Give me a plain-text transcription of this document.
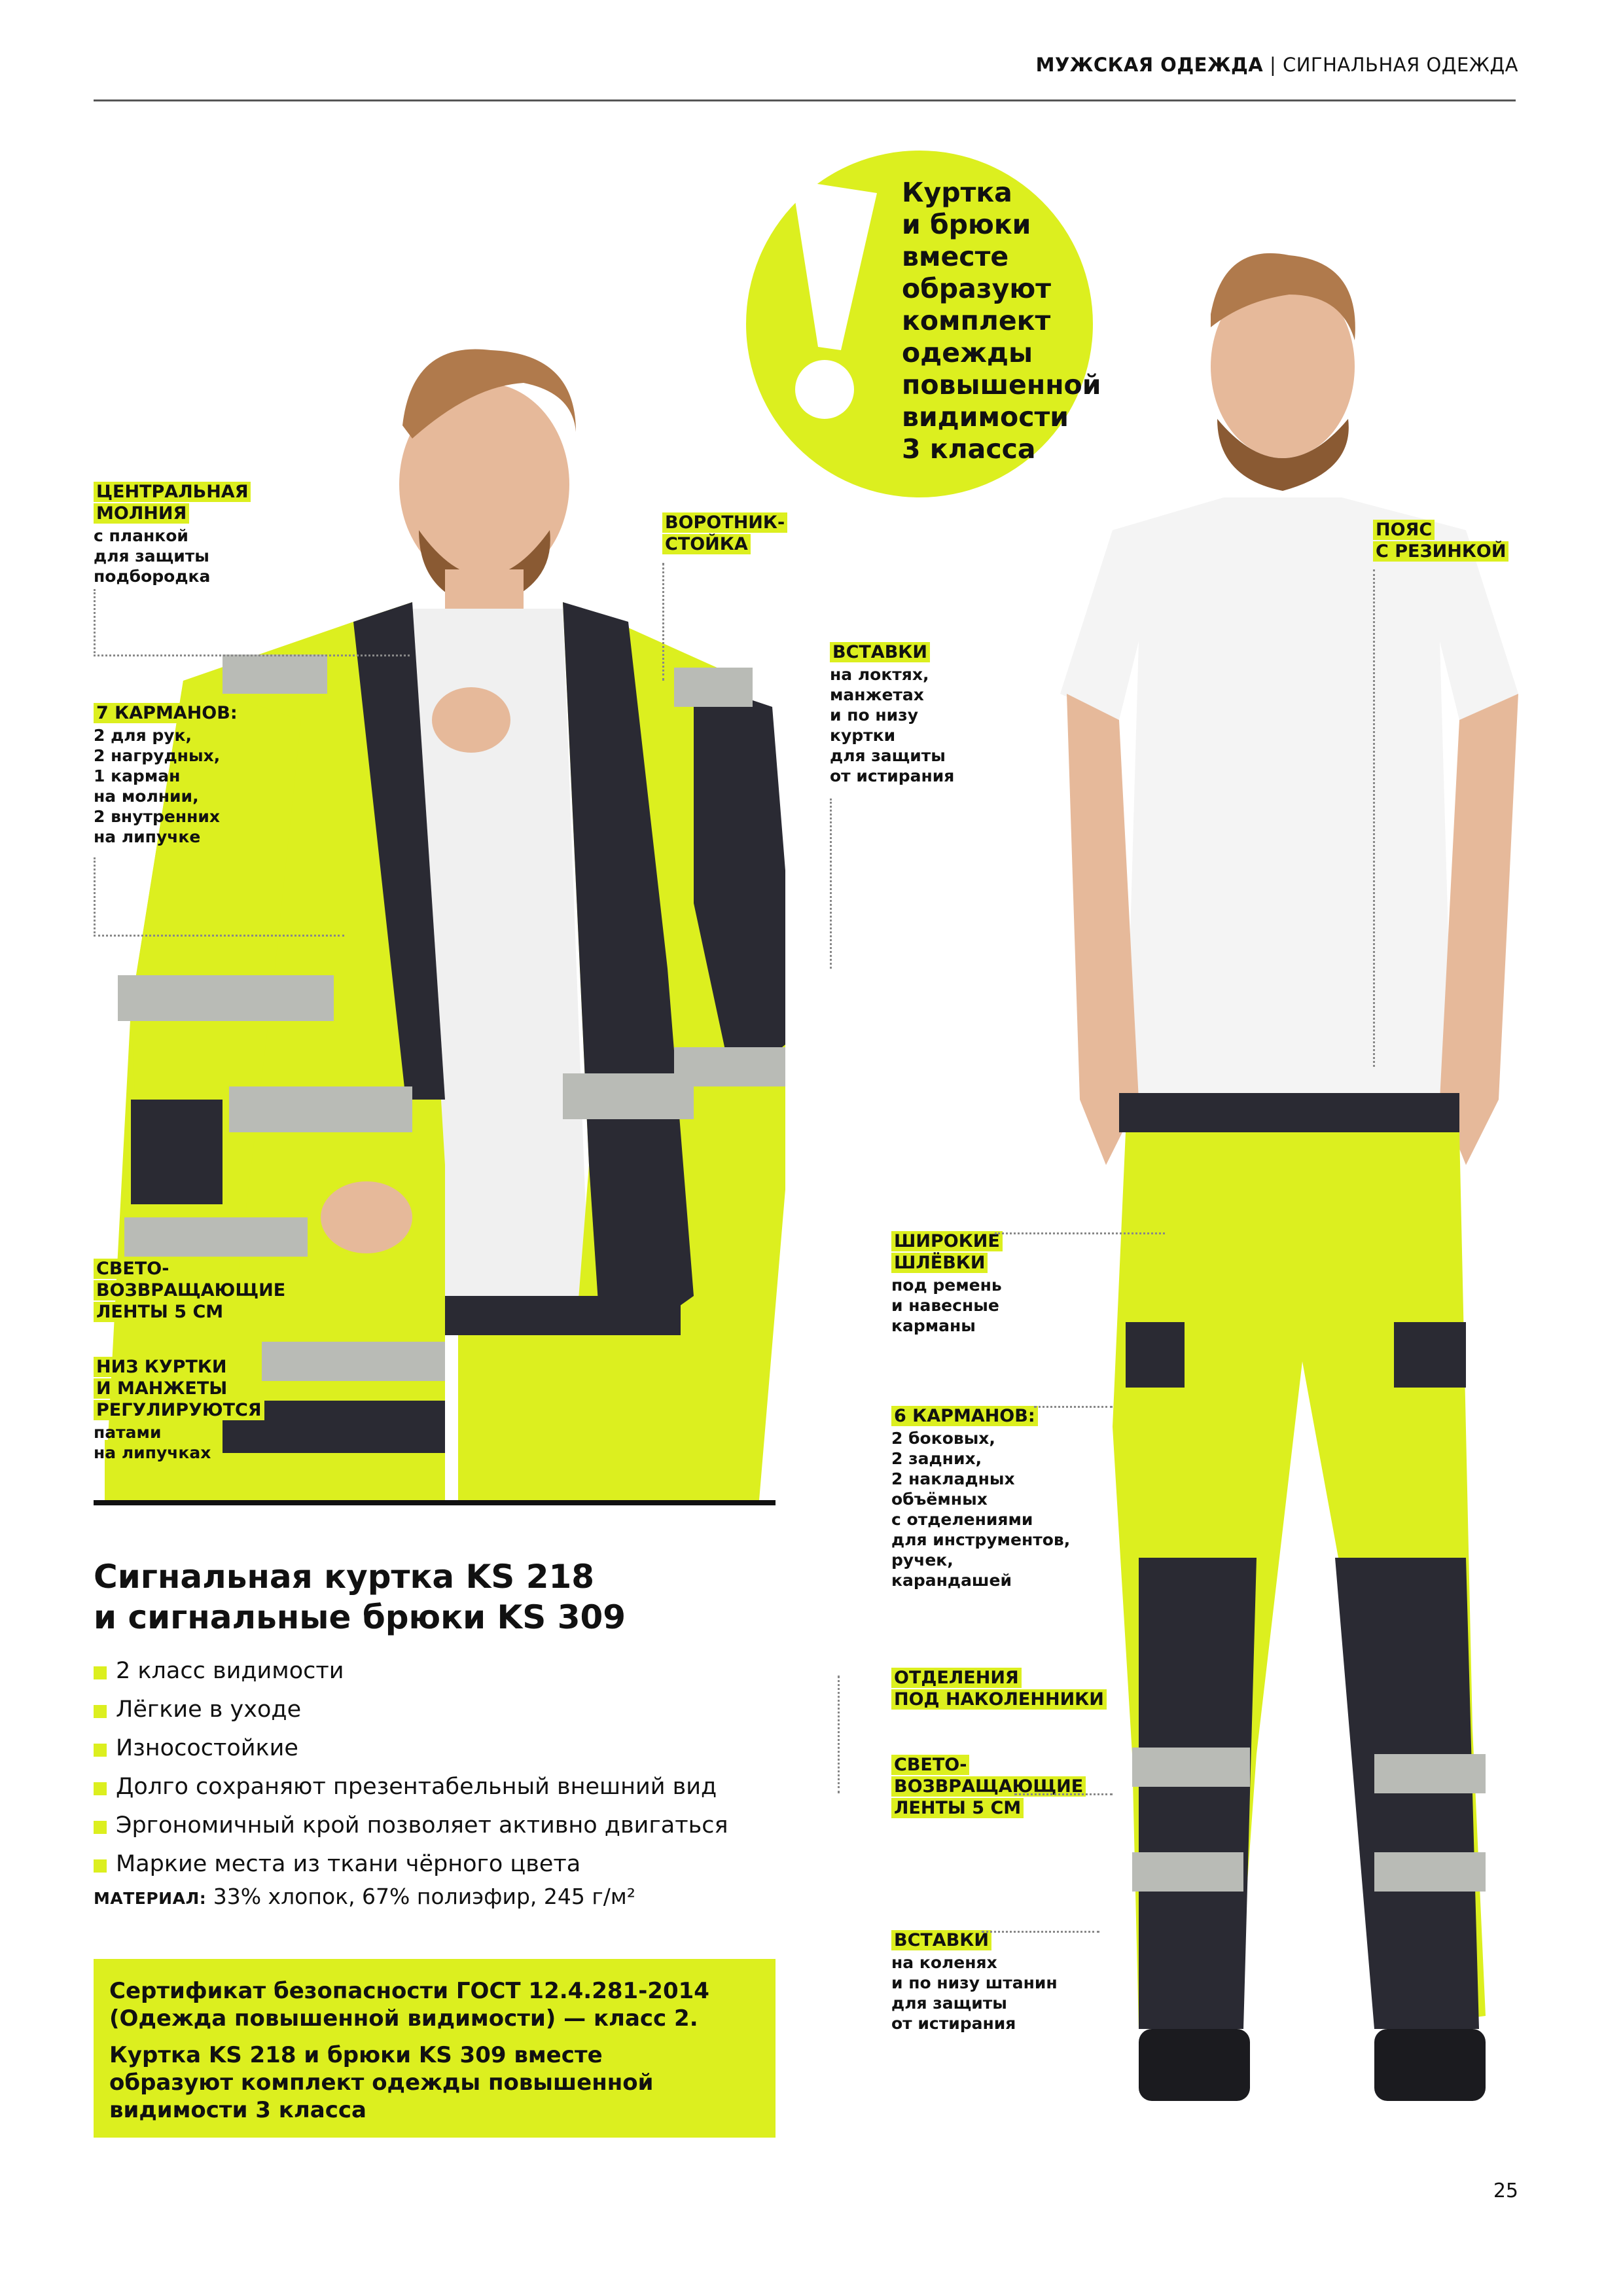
МУЖСКАЯ ОДЕЖДА | СИГНАЛЬНАЯ ОДЕЖДА
Куртка
и брюки
вместе
образуют
комплект
одежды
повышенной
видимости
3 класса
ЦЕНТРАЛЬНАЯ
МОЛНИЯ
с планкой
для защиты
подбородка
7 КАРМАНОВ:
2 для рук,
2 нагрудных,
1 карман
на молнии,
2 внутренних
на липучке
СВЕТО-
ВОЗВРАЩАЮЩИЕ
ЛЕНТЫ 5 СМ
НИЗ КУРТКИ
И МАНЖЕТЫ
РЕГУЛИРУЮТСЯ
патами
на липучках
ВОРОТНИК-
СТОЙКА
ВСТАВКИ
на локтях,
манжетах
и по низу
куртки
для защиты
от истирания
ПОЯС
С РЕЗИНКОЙ
ШИРОКИЕ
ШЛЁВКИ
под ремень
и навесные
карманы
6 КАРМАНОВ:
2 боковых,
2 задних,
2 накладных
объёмных
с отделениями
для инструментов,
ручек,
карандашей
ОТДЕЛЕНИЯ
ПОД НАКОЛЕННИКИ
СВЕТО-
ВОЗВРАЩАЮЩИЕ
ЛЕНТЫ 5 СМ
ВСТАВКИ
на коленях
и по низу штанин
для защиты
от истирания
Сигнальная куртка KS 218
и сигнальные брюки KS 309
2 класс видимости
Лёгкие в уходе
Износостойкие
Долго сохраняют презентабельный внешний вид
Эргономичный крой позволяет активно двигаться
Маркие места из ткани чёрного цвета
МАТЕРИАЛ: 33% хлопок, 67% полиэфир, 245 г/м²

Сертификат безопасности ГОСТ 12.4.281-2014
(Одежда повышенной видимости) — класс 2.

Куртка KS 218 и брюки KS 309 вместе
образуют комплект одежды повышенной
видимости 3 класса

25
